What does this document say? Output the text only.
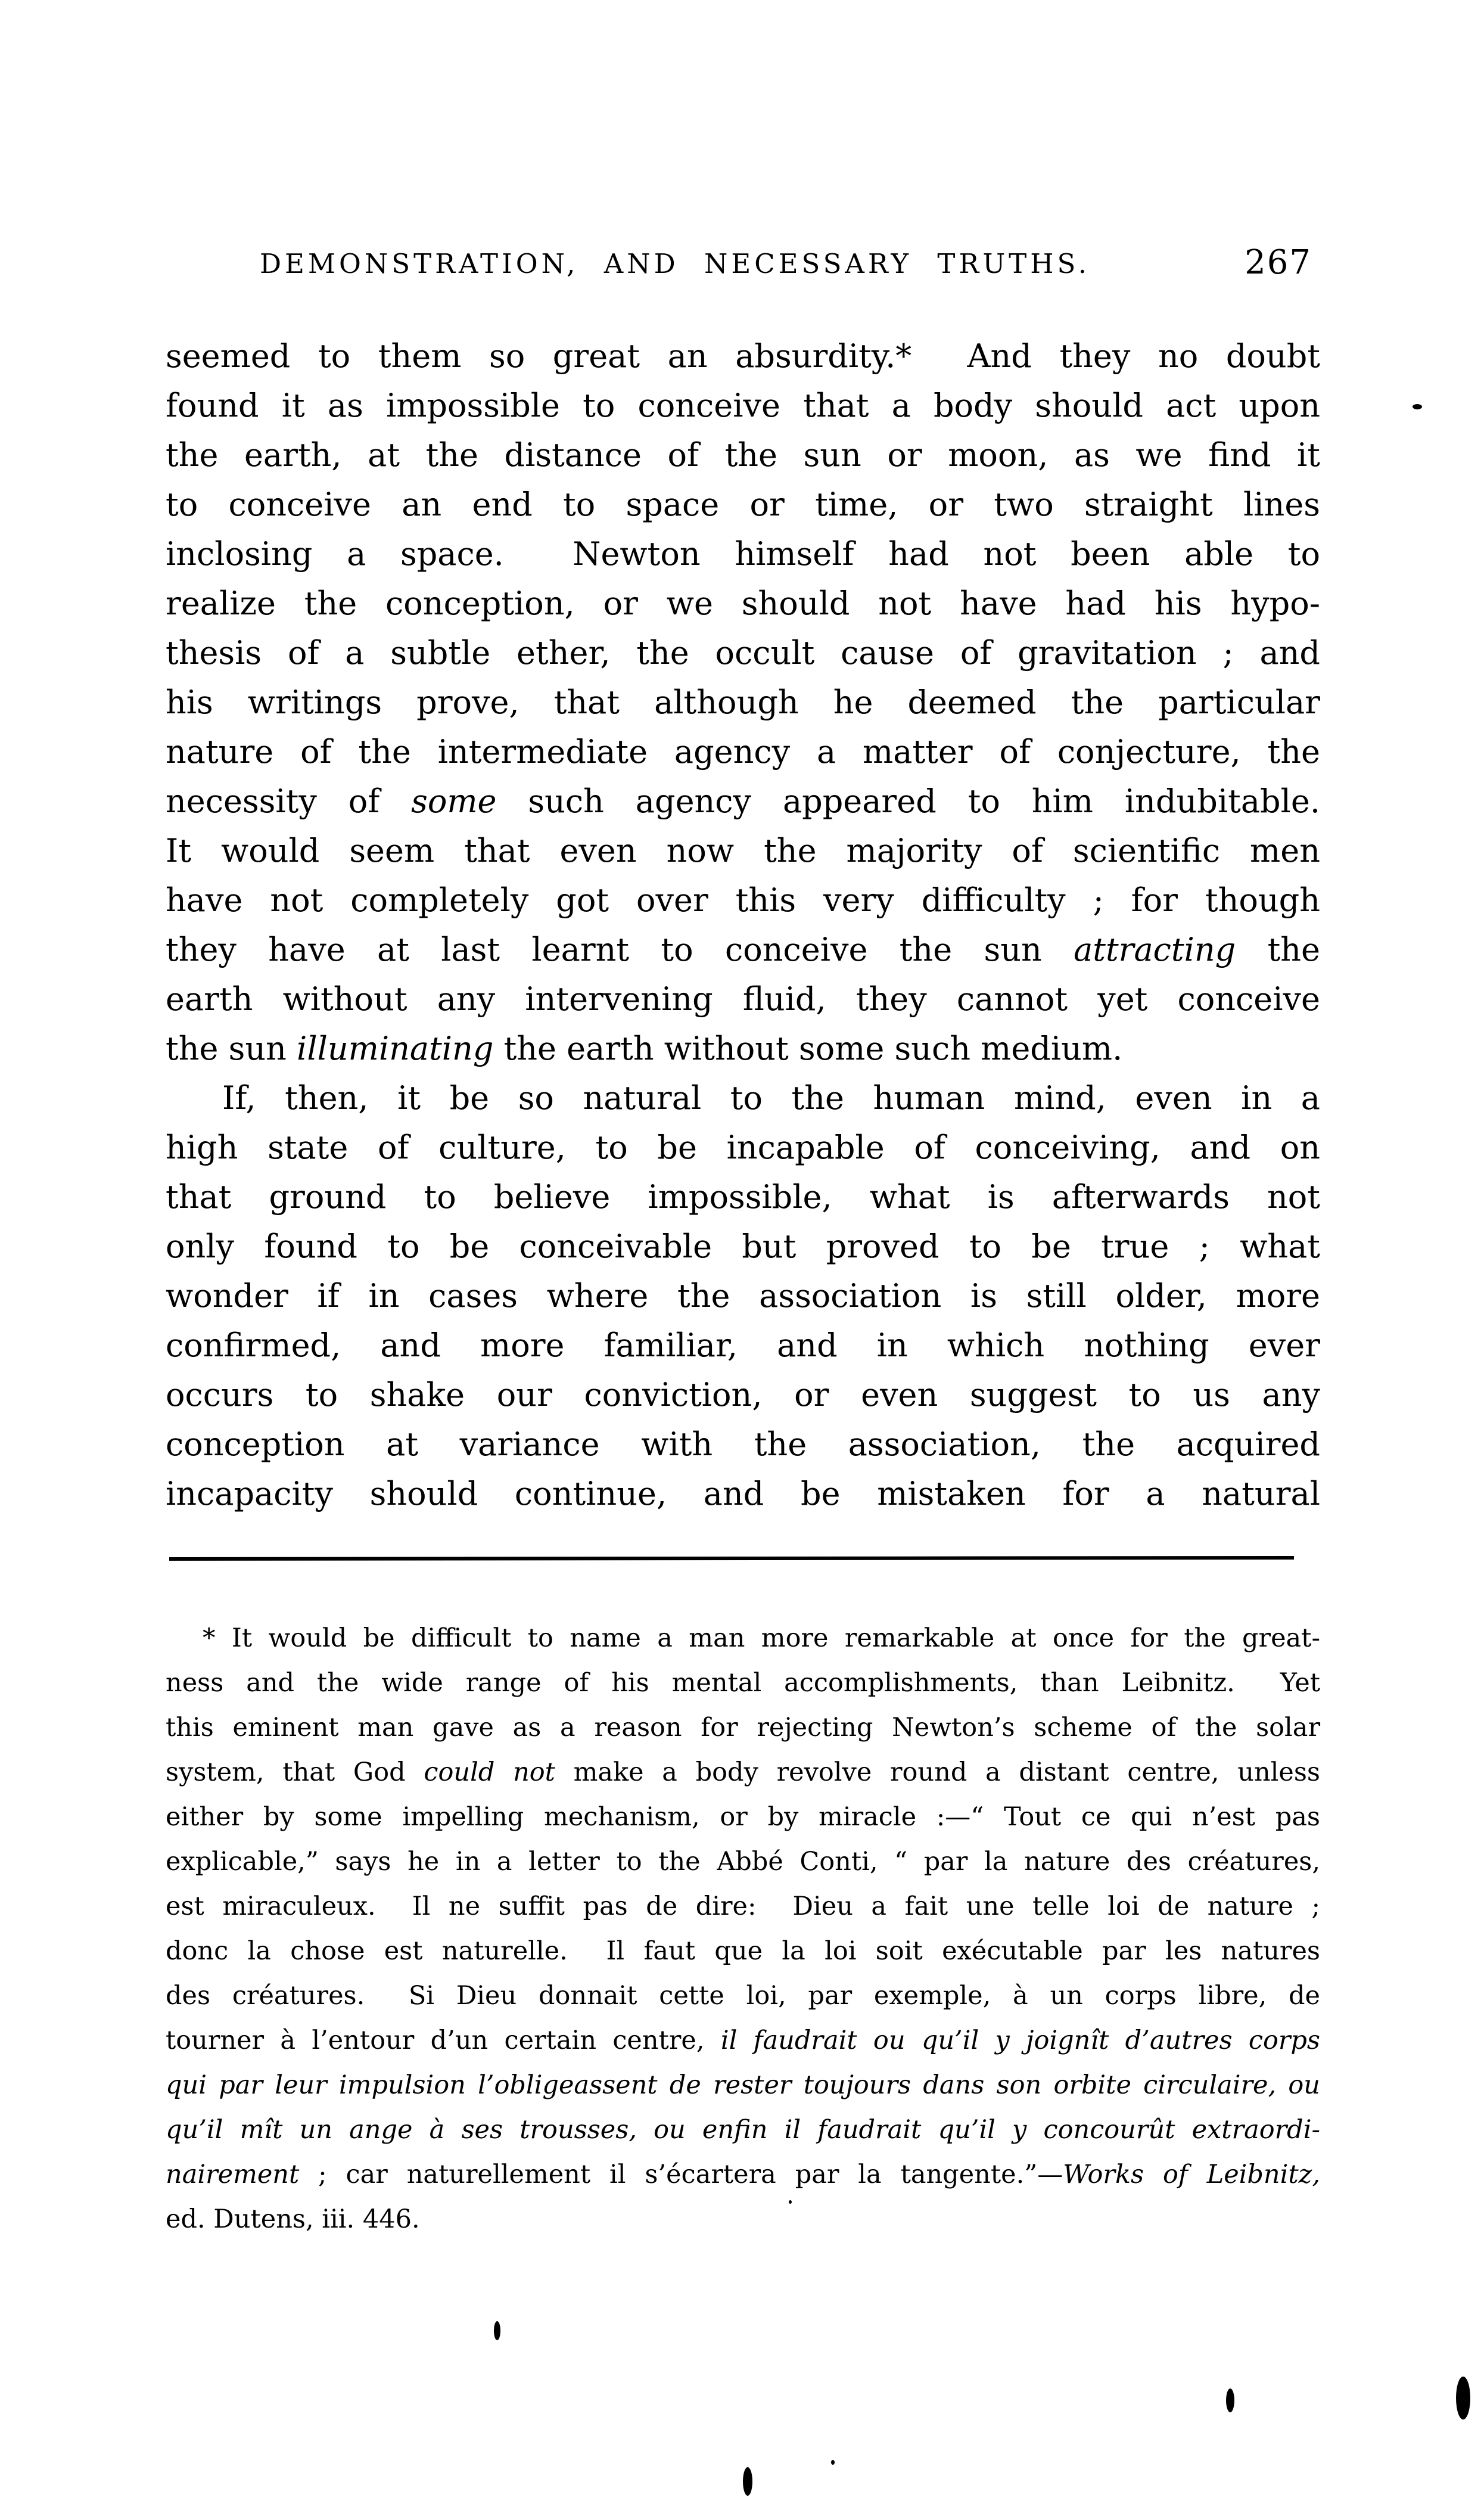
DEMONSTRATION, AND NECESSARY TRUTHS.	267
seemed to them so great an absurdity.*  And they no doubt
found it as impossible to conceive that a body should act upon
the earth, at the distance of the sun or moon, as we find it
to conceive an end to space or time, or two straight lines
inclosing a space.  Newton himself had not been able to
realize the conception, or we should not have had his hypo-
thesis of a subtle ether, the occult cause of gravitation ; and
his writings prove, that although he deemed the particular
nature of the intermediate agency a matter of conjecture, the
necessity of some such agency appeared to him indubitable.
It would seem that even now the majority of scientific men
have not completely got over this very difficulty ; for though
they have at last learnt to conceive the sun attracting the
earth without any intervening fluid, they cannot yet conceive
the sun illuminating the earth without some such medium.
If, then, it be so natural to the human mind, even in a
high state of culture, to be incapable of conceiving, and on
that ground to believe impossible, what is afterwards not
only found to be conceivable but proved to be true ; what
wonder if in cases where the association is still older, more
confirmed, and more familiar, and in which nothing ever
occurs to shake our conviction, or even suggest to us any
conception at variance with the association, the acquired
incapacity should continue, and be mistaken for a natural
* It would be difficult to name a man more remarkable at once for the great-
ness and the wide range of his mental accomplishments, than Leibnitz.  Yet
this eminent man gave as a reason for rejecting Newton’s scheme of the solar
system, that God could not make a body revolve round a distant centre, unless
either by some impelling mechanism, or by miracle :—“ Tout ce qui n’est pas
explicable,” says he in a letter to the Abbé Conti, “ par la nature des créatures,
est miraculeux.  Il ne suffit pas de dire:  Dieu a fait une telle loi de nature ;
donc la chose est naturelle.  Il faut que la loi soit exécutable par les natures
des créatures.  Si Dieu donnait cette loi, par exemple, à un corps libre, de
tourner à l’entour d’un certain centre, il faudrait ou qu’il y joignît d’autres corps
qui par leur impulsion l’obligeassent de rester toujours dans son orbite circulaire, ou
qu’il mît un ange à ses trousses, ou enfin il faudrait qu’il y concourût extraordi-
nairement ; car naturellement il s’écartera par la tangente.”—Works of Leibnitz,
ed. Dutens, iii. 446.
